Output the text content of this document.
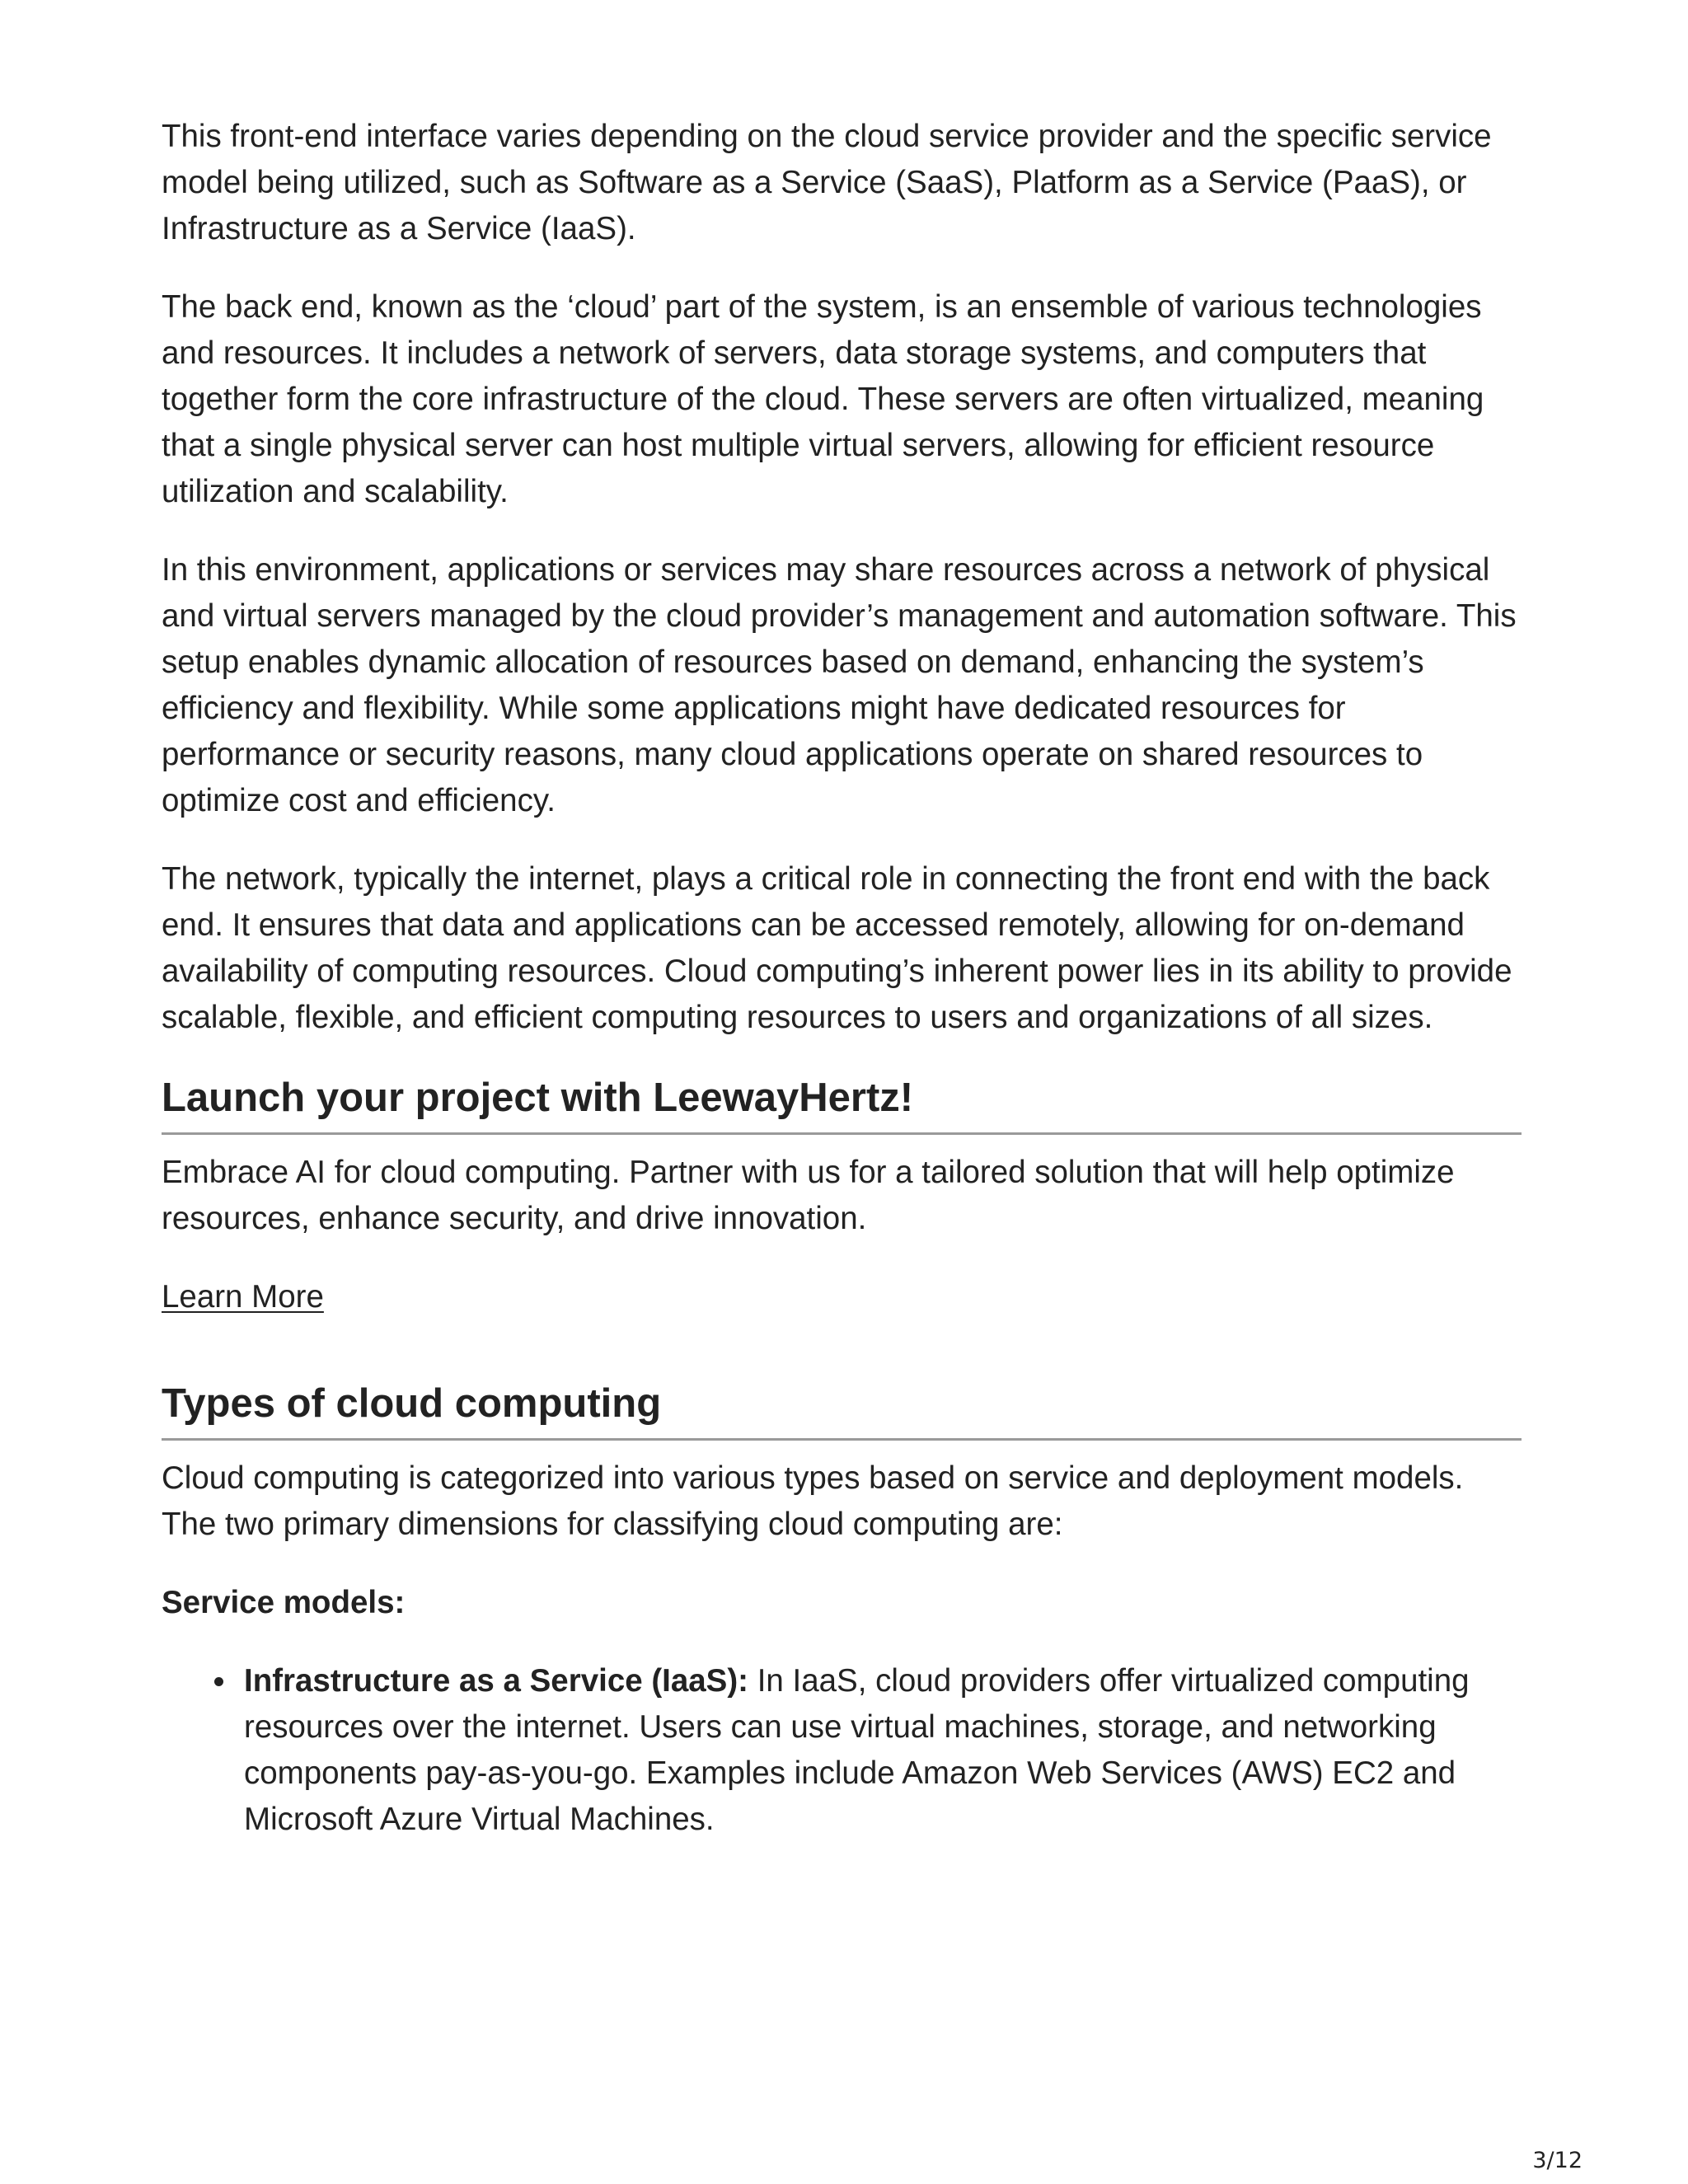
This front-end interface varies depending on the cloud service provider and the specific service model being utilized, such as Software as a Service (SaaS), Platform as a Service (PaaS), or Infrastructure as a Service (IaaS).

The back end, known as the ‘cloud’ part of the system, is an ensemble of various technologies and resources. It includes a network of servers, data storage systems, and computers that together form the core infrastructure of the cloud. These servers are often virtualized, meaning that a single physical server can host multiple virtual servers, allowing for efficient resource utilization and scalability.

In this environment, applications or services may share resources across a network of physical and virtual servers managed by the cloud provider’s management and automation software. This setup enables dynamic allocation of resources based on demand, enhancing the system’s efficiency and flexibility. While some applications might have dedicated resources for performance or security reasons, many cloud applications operate on shared resources to optimize cost and efficiency.

The network, typically the internet, plays a critical role in connecting the front end with the back end. It ensures that data and applications can be accessed remotely, allowing for on-demand availability of computing resources. Cloud computing’s inherent power lies in its ability to provide scalable, flexible, and efficient computing resources to users and organizations of all sizes.

Launch your project with LeewayHertz!

Embrace AI for cloud computing. Partner with us for a tailored solution that will help optimize resources, enhance security, and drive innovation.

Learn More
Types of cloud computing

Cloud computing is categorized into various types based on service and deployment models. The two primary dimensions for classifying cloud computing are:

Service models:

Infrastructure as a Service (IaaS): In IaaS, cloud providers offer virtualized computing resources over the internet. Users can use virtual machines, storage, and networking components pay-as-you-go. Examples include Amazon Web Services (AWS) EC2 and Microsoft Azure Virtual Machines.
3/12
